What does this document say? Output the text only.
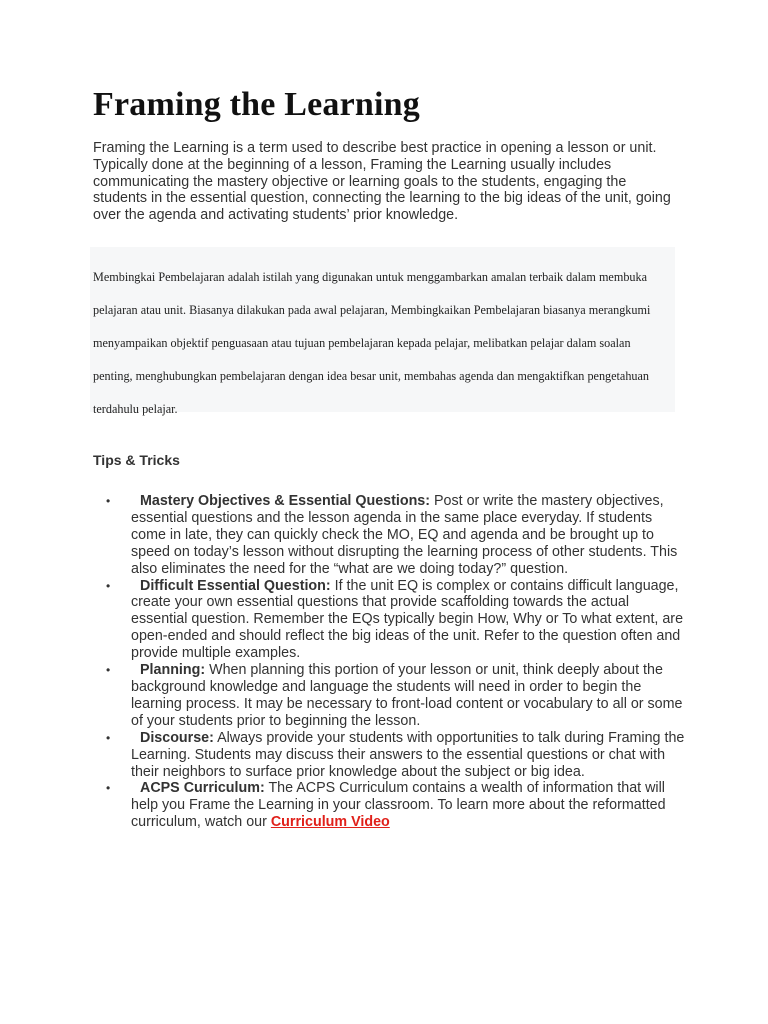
Framing the Learning

Framing the Learning is a term used to describe best practice in opening a lesson or unit. Typically done at the beginning of a lesson, Framing the Learning usually includes communicating the mastery objective or learning goals to the students, engaging the students in the essential question, connecting the learning to the big ideas of the unit, going over the agenda and activating students’ prior knowledge.

Membingkai Pembelajaran adalah istilah yang digunakan untuk menggambarkan amalan terbaik dalam membuka pelajaran atau unit. Biasanya dilakukan pada awal pelajaran, Membingkaikan Pembelajaran biasanya merangkumi menyampaikan objektif penguasaan atau tujuan pembelajaran kepada pelajar, melibatkan pelajar dalam soalan penting, menghubungkan pembelajaran dengan idea besar unit, membahas agenda dan mengaktifkan pengetahuan terdahulu pelajar.

Tips & Tricks
• Mastery Objectives & Essential Questions: Post or write the mastery objectives, essential questions and the lesson agenda in the same place everyday. If students come in late, they can quickly check the MO, EQ and agenda and be brought up to speed on today’s lesson without disrupting the learning process of other students. This also eliminates the need for the “what are we doing today?” question.
• Difficult Essential Question: If the unit EQ is complex or contains difficult language, create your own essential questions that provide scaffolding towards the actual essential question. Remember the EQs typically begin How, Why or To what extent, are open-ended and should reflect the big ideas of the unit. Refer to the question often and provide multiple examples.
• Planning: When planning this portion of your lesson or unit, think deeply about the background knowledge and language the students will need in order to begin the learning process. It may be necessary to front-load content or vocabulary to all or some of your students prior to beginning the lesson.
• Discourse: Always provide your students with opportunities to talk during Framing the Learning. Students may discuss their answers to the essential questions or chat with their neighbors to surface prior knowledge about the subject or big idea.
• ACPS Curriculum: The ACPS Curriculum contains a wealth of information that will help you Frame the Learning in your classroom. To learn more about the reformatted curriculum, watch our Curriculum Video
